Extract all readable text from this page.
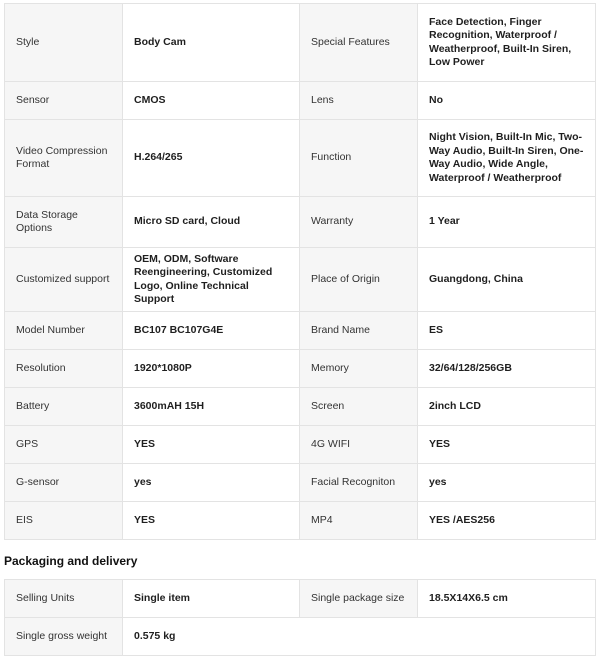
Style	Body Cam	Special Features	Face Detection, Finger Recognition, Waterproof / Weatherproof, Built-In Siren, Low Power
Sensor	CMOS	Lens	No
Video Compression Format	H.264/265	Function	Night Vision, Built-In Mic, Two-Way Audio, Built-In Siren, One-Way Audio, Wide Angle, Waterproof / Weatherproof
Data Storage Options	Micro SD card, Cloud	Warranty	1 Year
Customized support	OEM, ODM, Software Reengineering, Customized Logo, Online Technical Support	Place of Origin	Guangdong, China
Model Number	BC107 BC107G4E	Brand Name	ES
Resolution	1920*1080P	Memory	32/64/128/256GB
Battery	3600mAH 15H	Screen	2inch LCD
GPS	YES	4G WIFI	YES
G-sensor	yes	Facial Recogniton	yes
EIS	YES	MP4	YES /AES256
Packaging and delivery
Selling Units	Single item	Single package size	18.5X14X6.5 cm
Single gross weight	0.575 kg		
